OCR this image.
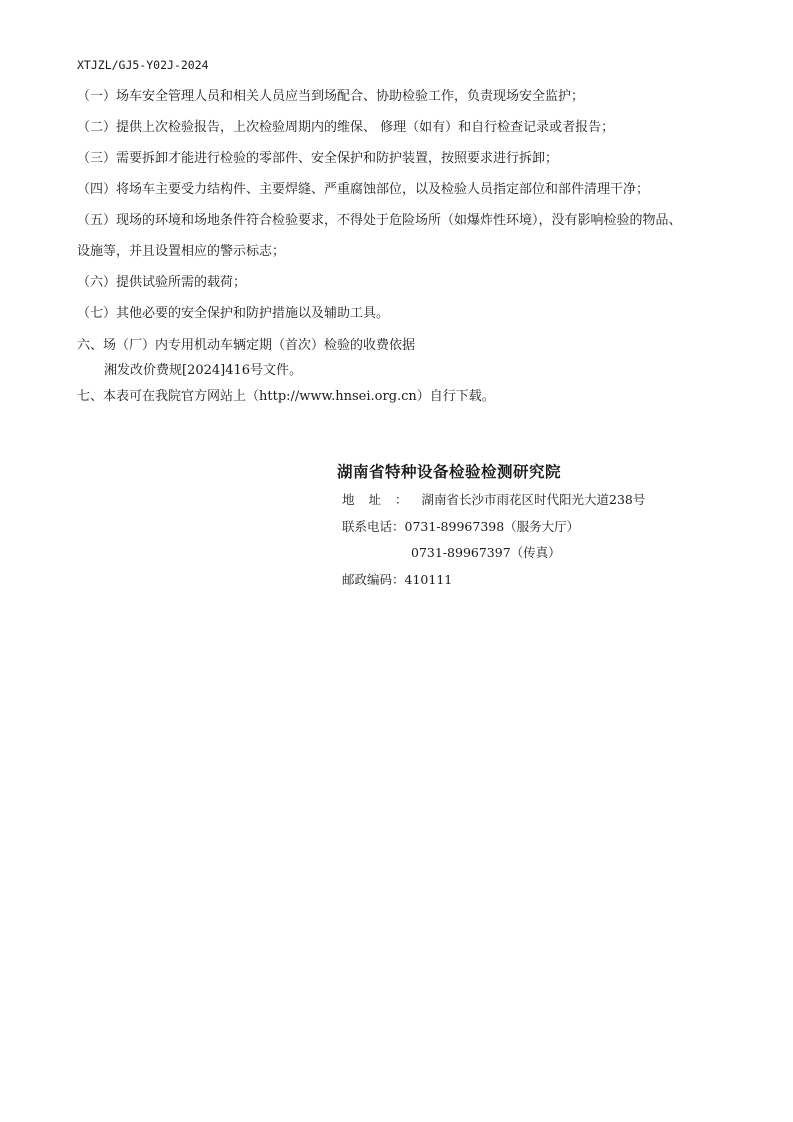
XTJZL/GJ5-Y02J-2024
（一）场车安全管理人员和相关人员应当到场配合、协助检验工作，负责现场安全监护；
（二）提供上次检验报告，上次检验周期内的维保、 修理（如有）和自行检查记录或者报告；
（三）需要拆卸才能进行检验的零部件、安全保护和防护装置，按照要求进行拆卸；
（四）将场车主要受力结构件、主要焊缝、严重腐蚀部位，以及检验人员指定部位和部件清理干净；
（五）现场的环境和场地条件符合检验要求，不得处于危险场所（如爆炸性环境），没有影响检验的物品、
设施等，并且设置相应的警示标志；
（六）提供试验所需的载荷；
（七）其他必要的安全保护和防护措施以及辅助工具。
六、场（厂）内专用机动车辆定期（首次）检验的收费依据
湘发改价费规[2024]416号文件。
七、本表可在我院官方网站上（http://www.hnsei.org.cn）自行下载。
湖南省特种设备检验检测研究院
地址：湖南省长沙市雨花区时代阳光大道238号
联系电话：0731-89967398（服务大厅）
0731-89967397（传真）
邮政编码：410111
